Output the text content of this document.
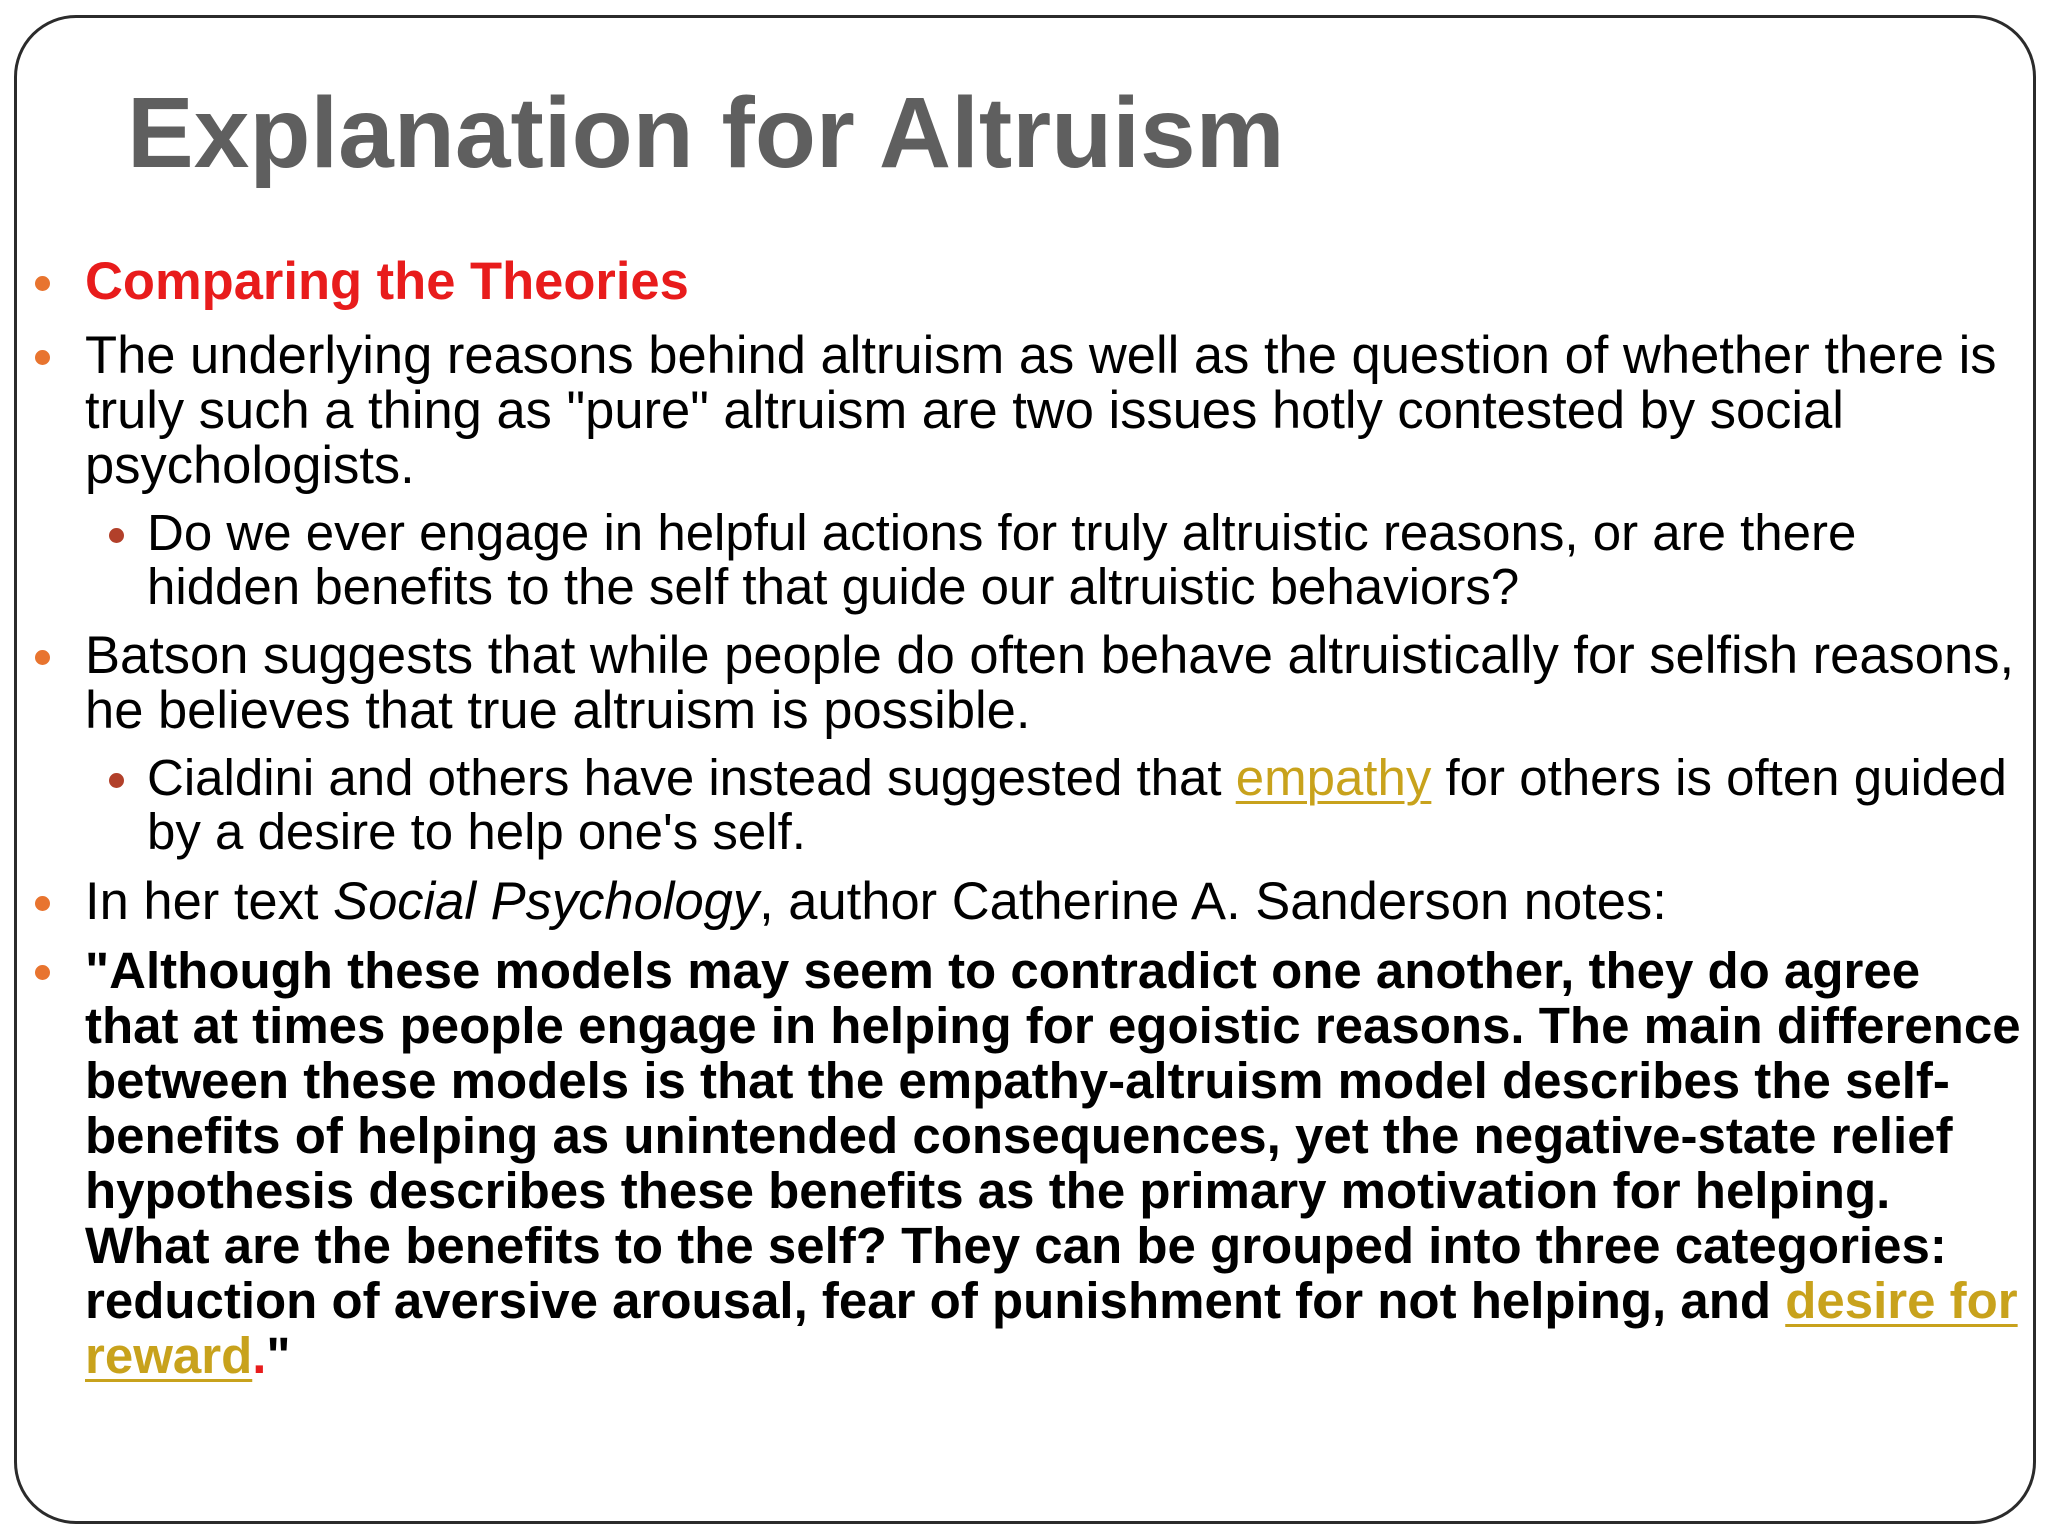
Explanation for Altruism

Comparing the Theories

The underlying reasons behind altruism as well as the question of whether there is truly such a thing as "pure" altruism are two issues hotly contested by social psychologists.

Do we ever engage in helpful actions for truly altruistic reasons, or are there hidden benefits to the self that guide our altruistic behaviors?

Batson suggests that while people do often behave altruistically for selfish reasons, he believes that true altruism is possible.

Cialdini and others have instead suggested that empathy for others is often guided by a desire to help one's self.

In her text Social Psychology, author Catherine A. Sanderson notes:

"Although these models may seem to contradict one another, they do agree that at times people engage in helping for egoistic reasons. The main difference between these models is that the empathy-altruism model describes the self-benefits of helping as unintended consequences, yet the negative-state relief hypothesis describes these benefits as the primary motivation for helping. What are the benefits to the self? They can be grouped into three categories: reduction of aversive arousal, fear of punishment for not helping, and desire for reward."
